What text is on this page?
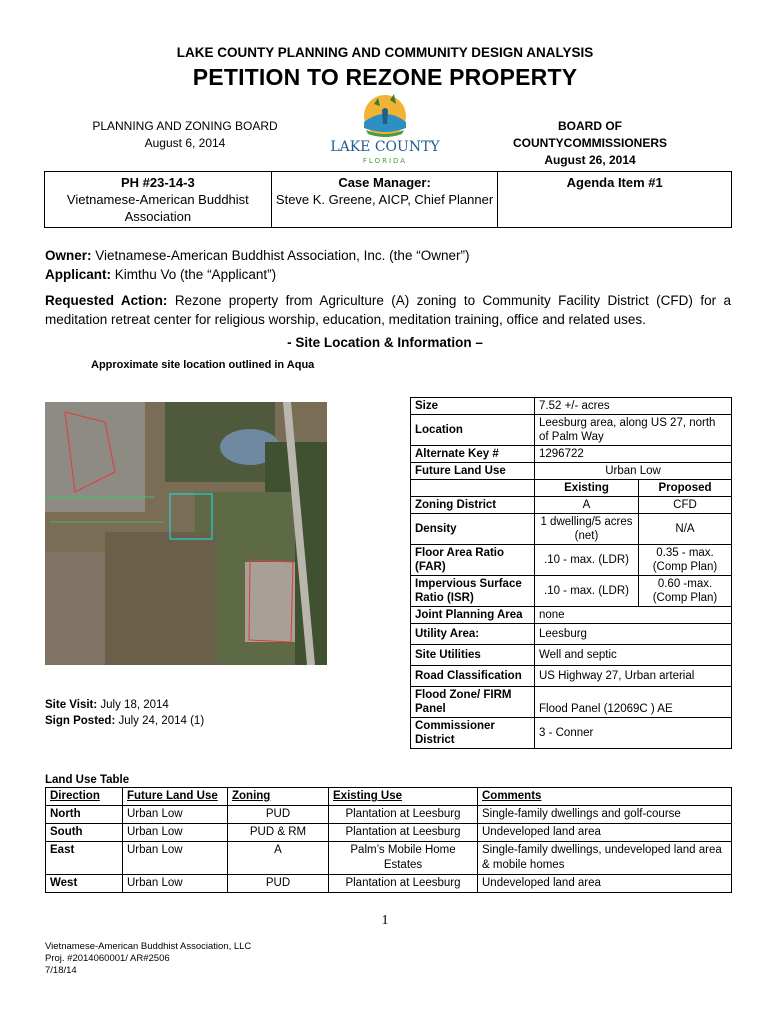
LAKE COUNTY PLANNING AND COMMUNITY DESIGN ANALYSIS
PETITION TO REZONE PROPERTY
PLANNING AND ZONING BOARD
August 6, 2014
BOARD OF COUNTYCOMMISSIONERS
August 26, 2014
LAKE COUNTY
FLORIDA
PH #23-14-3
Vietnamese-American Buddhist Association

Case Manager:
Steve K. Greene, AICP, Chief Planner

Agenda Item #1
Owner: Vietnamese-American Buddhist Association, Inc. (the “Owner”)
Applicant: Kimthu Vo (the “Applicant”)
Requested Action: Rezone property from Agriculture (A) zoning to Community Facility District (CFD) for a meditation retreat center for religious worship, education, meditation training, office and related uses.
- Site Location & Information –
Approximate site location outlined in Aqua
Size	7.52 +/- acres	
Location	Leesburg area, along US 27, north of Palm Way	
Alternate Key #	1296722	
Future Land Use	Urban Low	
	Existing	Proposed
Zoning District	A	CFD
Density	1 dwelling/5 acres (net)	N/A
Floor Area Ratio (FAR)	.10 - max. (LDR)	0.35 - max. (Comp Plan)
Impervious Surface Ratio (ISR)	.10 - max. (LDR)	0.60 -max. (Comp Plan)
Joint Planning Area	none	
Utility Area:	Leesburg	
Site Utilities	Well and septic	
Road Classification	US Highway 27, Urban arterial	
Flood Zone/ FIRM Panel	Flood Panel (12069C ) AE	
Commissioner District	3 - Conner	
Site Visit: July 18, 2014
Sign Posted: July 24, 2014 (1)
Land Use Table
Direction	Future Land Use	Zoning	Existing Use	Comments
North	Urban Low	PUD	Plantation at Leesburg	Single-family dwellings and golf-course
South	Urban Low	PUD & RM	Plantation at Leesburg	Undeveloped land area
East	Urban Low	A	Palm’s Mobile Home Estates	Single-family dwellings, undeveloped land area & mobile homes
West	Urban Low	PUD	Plantation at Leesburg	Undeveloped land area
1
Vietnamese-American Buddhist Association, LLC
Proj. #2014060001/ AR#2506
7/18/14
